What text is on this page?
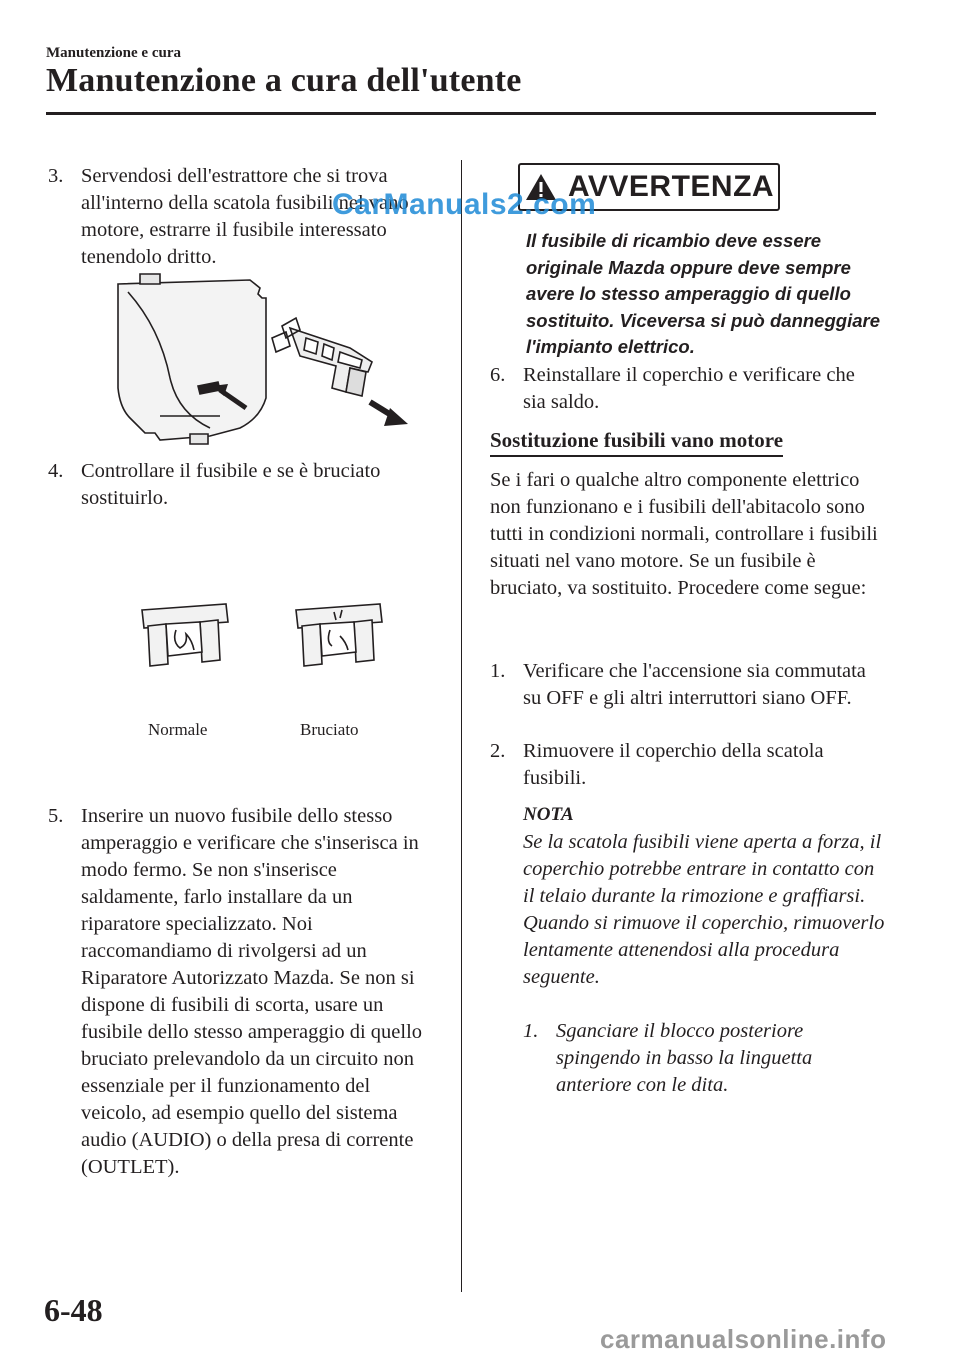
Manutenzione e cura
Manutenzione a cura dell'utente
3. Servendosi dell'estrattore che si trova all'interno della scatola fusibili nel vano motore, estrarre il fusibile interessato tenendolo dritto.
4. Controllare il fusibile e se è bruciato sostituirlo.
Normale	Bruciato
5. Inserire un nuovo fusibile dello stesso amperaggio e verificare che s'inserisca in modo fermo. Se non s'inserisce saldamente, farlo installare da un riparatore specializzato. Noi raccomandiamo di rivolgersi ad un Riparatore Autorizzato Mazda. Se non si dispone di fusibili di scorta, usare un fusibile dello stesso amperaggio di quello bruciato prelevandolo da un circuito non essenziale per il funzionamento del veicolo, ad esempio quello del sistema audio (AUDIO) o della presa di corrente (OUTLET).
AVVERTENZA
Il fusibile di ricambio deve essere originale Mazda oppure deve sempre avere lo stesso amperaggio di quello sostituito. Viceversa si può danneggiare l'impianto elettrico.
6. Reinstallare il coperchio e verificare che sia saldo.
Sostituzione fusibili vano motore
Se i fari o qualche altro componente elettrico non funzionano e i fusibili dell'abitacolo sono tutti in condizioni normali, controllare i fusibili situati nel vano motore. Se un fusibile è bruciato, va sostituito. Procedere come segue:
1. Verificare che l'accensione sia commutata su OFF e gli altri interruttori siano OFF.
2. Rimuovere il coperchio della scatola fusibili.
NOTA
Se la scatola fusibili viene aperta a forza, il coperchio potrebbe entrare in contatto con il telaio durante la rimozione e graffiarsi. Quando si rimuove il coperchio, rimuoverlo lentamente attenendosi alla procedura seguente.
1. Sganciare il blocco posteriore spingendo in basso la linguetta anteriore con le dita.
6-48
CarManuals2.com
carmanualsonline.info
